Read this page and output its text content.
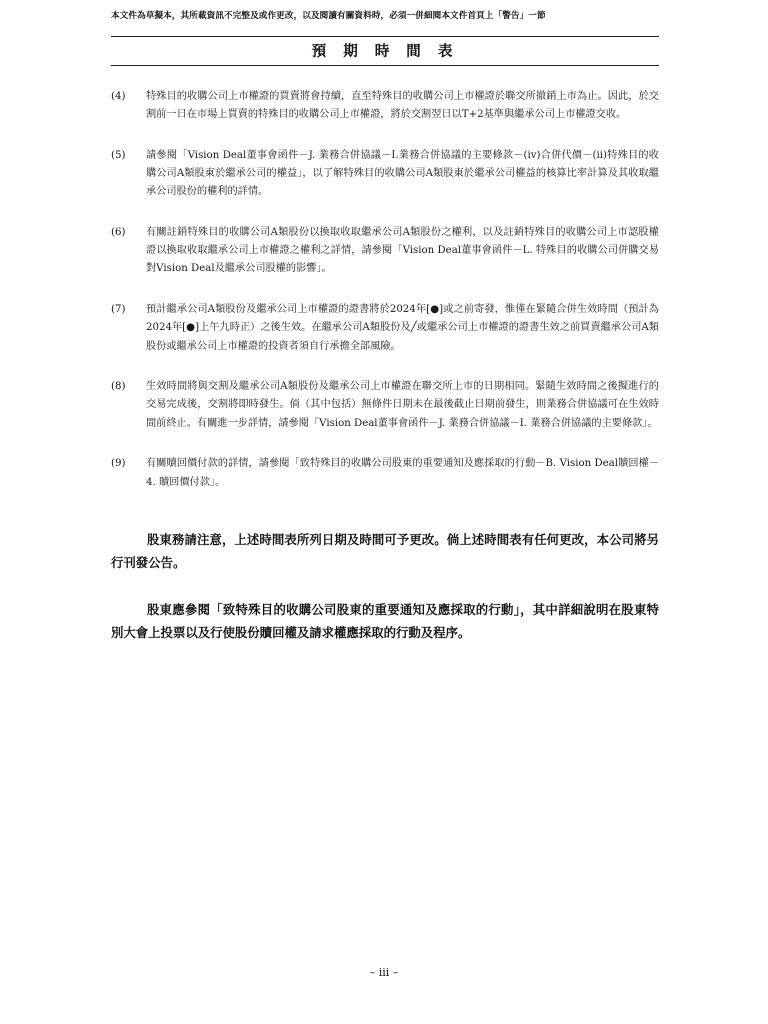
本文件為草擬本，其所載資訊不完整及或作更改，以及閱讀有關資料時，必須一併細閱本文件首頁上「警告」一節
預 期 時 間 表
(4)	特殊目的收購公司上市權證的買賣將會持續，直至特殊目的收購公司上市權證於聯交所撤銷上市為止。因此，於交割前一日在市場上買賣的特殊目的收購公司上市權證，將於交割翌日以T+2基準與繼承公司上市權證交收。
(5)	請參閱「Vision Deal董事會函件－J. 業務合併協議－I.業務合併協議的主要條款－(iv)合併代價－(ii)特殊目的收購公司A類股東於繼承公司的權益」，以了解特殊目的收購公司A類股東於繼承公司權益的核算比率計算及其收取繼承公司股份的權利的詳情。
(6)	有關註銷特殊目的收購公司A類股份以換取收取繼承公司A類股份之權利，以及註銷特殊目的收購公司上市認股權證以換取收取繼承公司上市權證之權利之詳情，請參閱「Vision Deal董事會函件－L. 特殊目的收購公司併購交易對Vision Deal及繼承公司股權的影響」。
(7)	預計繼承公司A類股份及繼承公司上市權證的證書將於2024年[●]或之前寄發，惟僅在緊隨合併生效時間（預計為2024年[●]上午九時正）之後生效。在繼承公司A類股份及╱或繼承公司上市權證的證書生效之前買賣繼承公司A類股份或繼承公司上市權證的投資者須自行承擔全部風險。
(8)	生效時間將與交割及繼承公司A類股份及繼承公司上市權證在聯交所上市的日期相同。緊隨生效時間之後擬進行的交易完成後，交割將即時發生。倘（其中包括）無條件日期未在最後截止日期前發生，則業務合併協議可在生效時間前終止。有關進一步詳情，請參閱「Vision Deal董事會函件－J. 業務合併協議－I. 業務合併協議的主要條款」。
(9)	有關贖回價付款的詳情，請參閱「致特殊目的收購公司股東的重要通知及應採取的行動－B. Vision Deal贖回權－4. 贖回價付款」。
股東務請注意，上述時間表所列日期及時間可予更改。倘上述時間表有任何更改，本公司將另行刊發公告。
股東應參閱「致特殊目的收購公司股東的重要通知及應採取的行動」，其中詳細說明在股東特別大會上投票以及行使股份贖回權及請求權應採取的行動及程序。
– iii –
